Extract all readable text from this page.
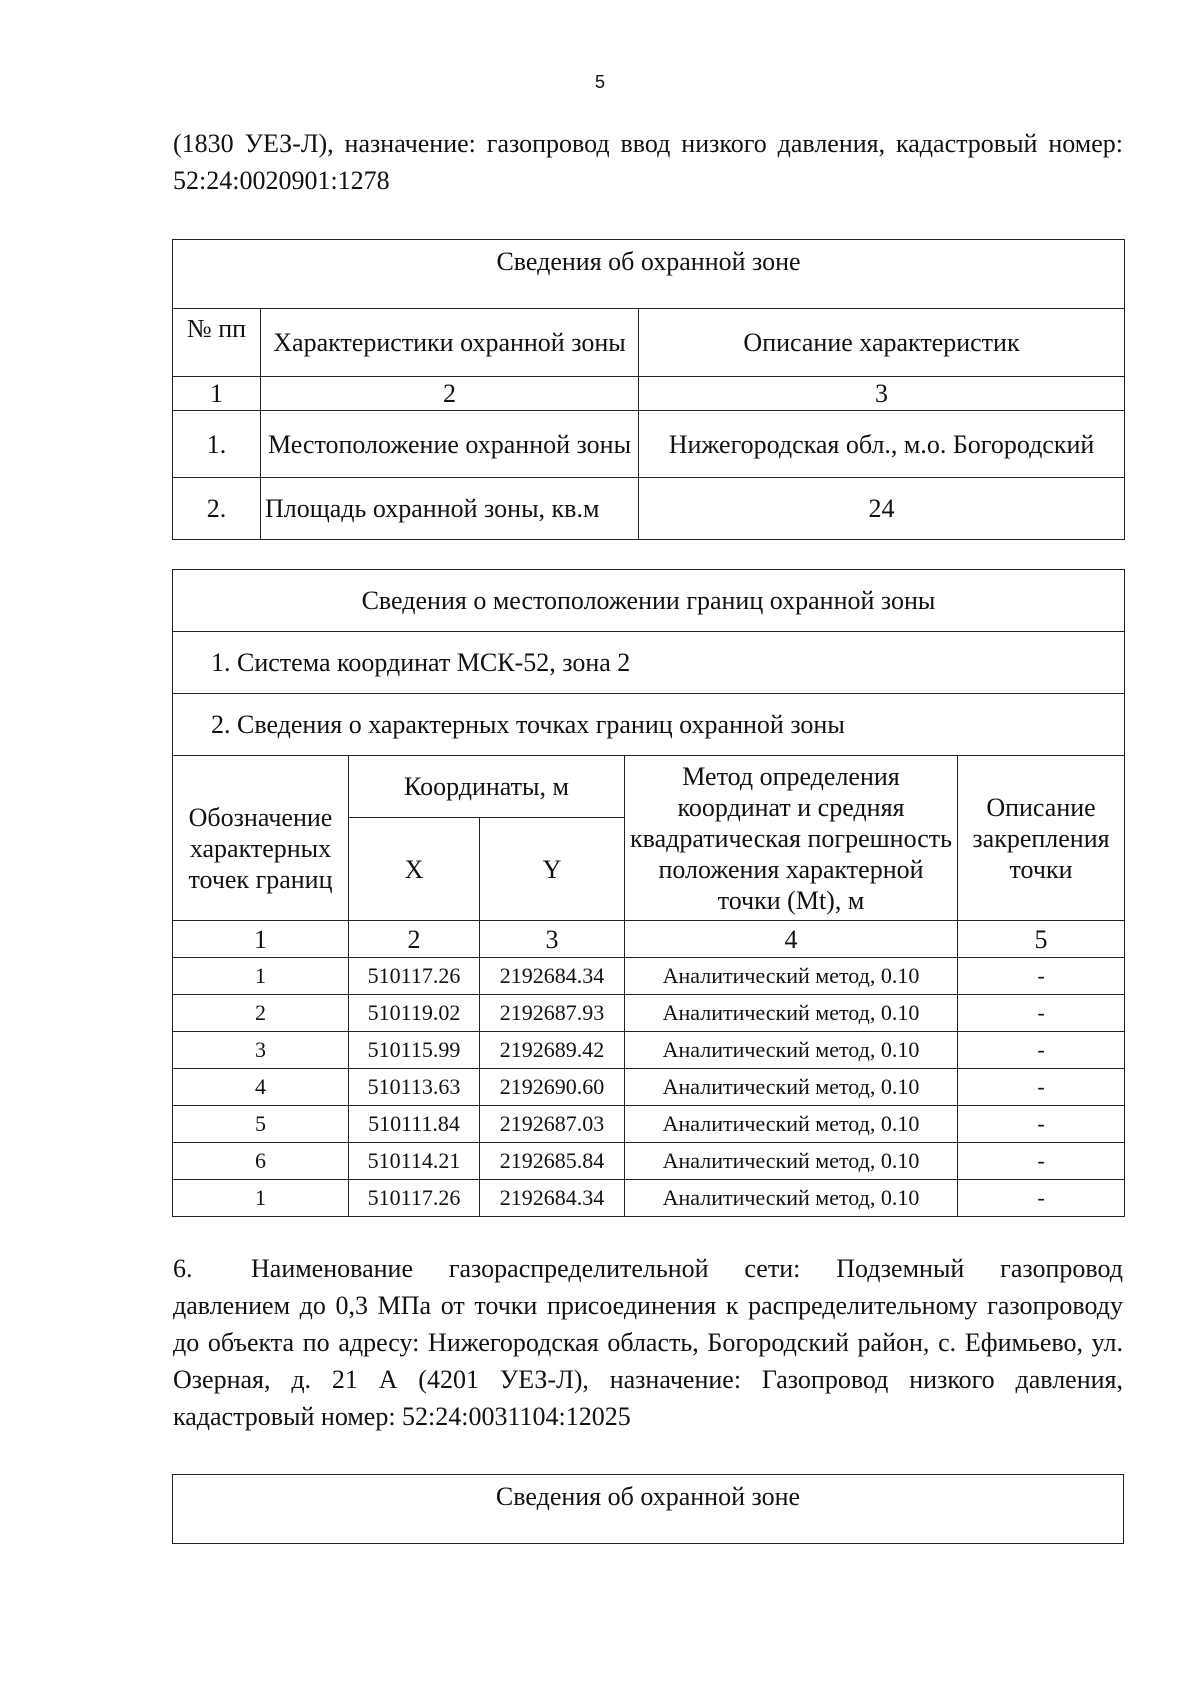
5
(1830 УЕЗ-Л), назначение: газопровод ввод низкого давления, кадастровый номер: 52:24:0020901:1278
Сведения об охранной зоне		
№ пп	Характеристики охранной зоны	Описание характеристик
1	2	3
1.	Местоположение охранной зоны	Нижегородская обл., м.о. Богородский
2.	Площадь охранной зоны, кв.м	24
Сведения о местоположении границ охранной зоны				
1. Система координат МСК-52, зона 2				
2. Сведения о характерных точках границ охранной зоны				
Обозначение характерных точек границ	Координаты, м		Метод определения координат и средняя квадратическая погрешность положения характерной точки (Mt), м	Описание закрепления точки
	X	Y		
1	2	3	4	5
1	510117.26	2192684.34	Аналитический метод, 0.10	-
2	510119.02	2192687.93	Аналитический метод, 0.10	-
3	510115.99	2192689.42	Аналитический метод, 0.10	-
4	510113.63	2192690.60	Аналитический метод, 0.10	-
5	510111.84	2192687.03	Аналитический метод, 0.10	-
6	510114.21	2192685.84	Аналитический метод, 0.10	-
1	510117.26	2192684.34	Аналитический метод, 0.10	-
6. Наименование газораспределительной сети: Подземный газопровод давлением до 0,3 МПа от точки присоединения к распределительному газопроводу до объекта по адресу: Нижегородская область, Богородский район, с. Ефимьево, ул. Озерная, д. 21 А (4201 УЕЗ-Л), назначение: Газопровод низкого давления, кадастровый номер: 52:24:0031104:12025
Сведения об охранной зоне
